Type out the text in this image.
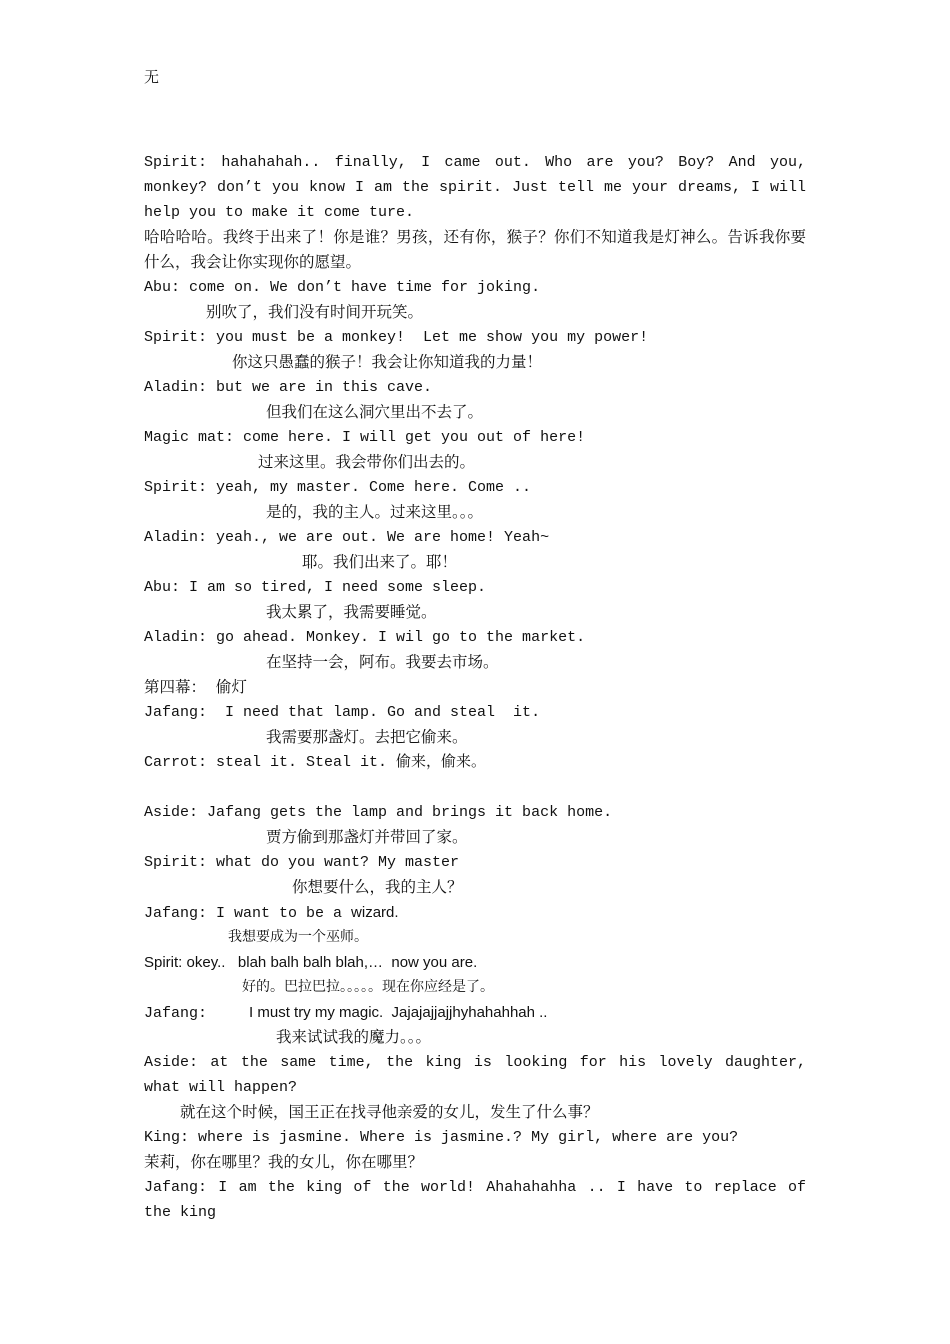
无
Spirit: hahahahah.. finally, I came out. Who are you? Boy? And you, monkey? don’t you know I am the spirit. Just tell me your dreams, I will help you to make it come ture.
哈哈哈哈。我终于出来了！你是谁？男孩，还有你，猴子？你们不知道我是灯神么。告诉我你要什么，我会让你实现你的愿望。
Abu: come on. We don’t have time for joking.
别吹了，我们没有时间开玩笑。
Spirit: you must be a monkey!  Let me show you my power!
你这只愚蠢的猴子！我会让你知道我的力量！
Aladin: but we are in this cave.
但我们在这么洞穴里出不去了。
Magic mat: come here. I will get you out of here!
过来这里。我会带你们出去的。
Spirit: yeah, my master. Come here. Come ..
是的，我的主人。过来这里。。。
Aladin: yeah., we are out. We are home! Yeah~
耶。我们出来了。耶！
Abu: I am so tired, I need some sleep.
我太累了，我需要睡觉。
Aladin: go ahead. Monkey. I wil go to the market.
在坚持一会，阿布。我要去市场。
第四幕：  偷灯
Jafang:  I need that lamp. Go and steal  it.
我需要那盏灯。去把它偷来。
Carrot: steal it. Steal it. 偷来，偷来。
Aside: Jafang gets the lamp and brings it back home.
贾方偷到那盏灯并带回了家。
Spirit: what do you want? My master
你想要什么，我的主人？
Jafang: I want to be a wizard.
我想要成为一个巫师。
Spirit: okey..   blah balh balh blah,…  now you are.
好的。巴拉巴拉。。。。。现在你应经是了。
Jafang:	I must try my magic.  Jajajajjajjhyhahahhah ..
我来试试我的魔力。。。
Aside: at the same time, the king is looking for his lovely daughter, what will happen?
就在这个时候，国王正在找寻他亲爱的女儿，发生了什么事？
King: where is jasmine. Where is jasmine.? My girl, where are you?
茉莉，你在哪里？我的女儿，你在哪里？
Jafang: I am the king of the world! Ahahahahha .. I have to replace of the king
